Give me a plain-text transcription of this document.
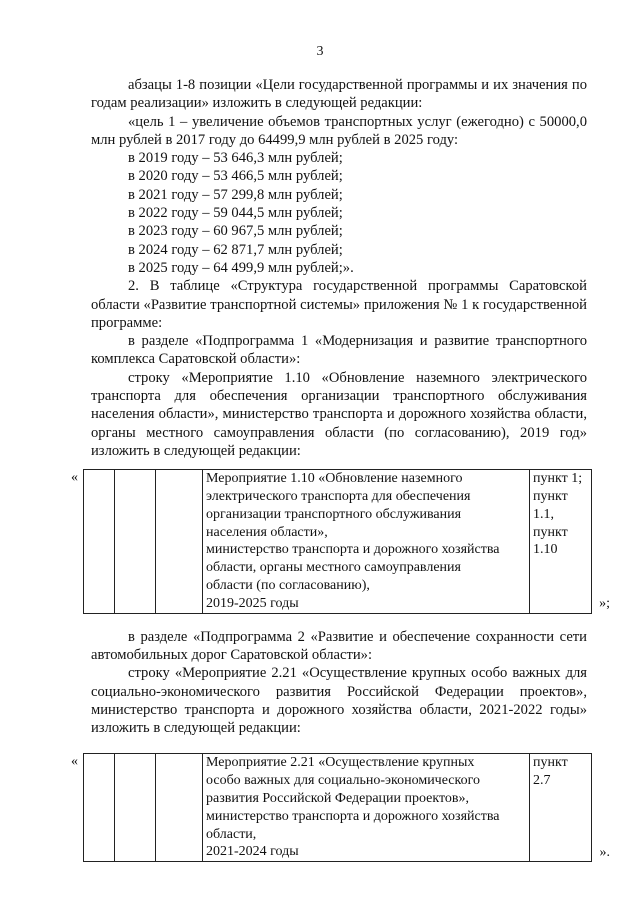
3

абзацы 1-8 позиции «Цели государственной программы и их значения по годам реализации» изложить в следующей редакции:

«цель 1 – увеличение объемов транспортных услуг (ежегодно) с 50000,0 млн рублей в 2017 году до 64499,9 млн рублей в 2025 году:

в 2019 году – 53 646,3 млн рублей;
в 2020 году – 53 466,5 млн рублей;
в 2021 году – 57 299,8 млн рублей;
в 2022 году – 59 044,5 млн рублей;
в 2023 году – 60 967,5 млн рублей;
в 2024 году – 62 871,7 млн рублей;
в 2025 году – 64 499,9 млн рублей;».

2. В таблице «Структура государственной программы Саратовской области «Развитие транспортной системы» приложения № 1 к государственной программе:

в разделе «Подпрограмма 1 «Модернизация и развитие транспортного комплекса Саратовской области»:

строку «Мероприятие 1.10 «Обновление наземного электрического транспорта для обеспечения организации транспортного обслуживания населения области», министерство транспорта и дорожного хозяйства области, органы местного самоуправления области (по согласованию), 2019 год» изложить в следующей редакции:

«
				Мероприятие 1.10 «Обновление наземного
электрического транспорта для обеспечения
организации транспортного обслуживания
населения области»,
министерство транспорта и дорожного хозяйства
области, органы местного самоуправления
области (по согласованию),
2019-2025 годы

пункт 1;
пункт 1.1,
пункт 1.10
»;

в разделе «Подпрограмма 2 «Развитие и обеспечение сохранности сети автомобильных дорог Саратовской области»:

строку «Мероприятие 2.21 «Осуществление крупных особо важных для социально-экономического развития Российской Федерации проектов», министерство транспорта и дорожного хозяйства области, 2021-2022 годы» изложить в следующей редакции:

«
				Мероприятие 2.21 «Осуществление крупных
особо важных для социально-экономического
развития Российской Федерации проектов»,
министерство транспорта и дорожного хозяйства
области,
2021-2024 годы

пункт 2.7
».
